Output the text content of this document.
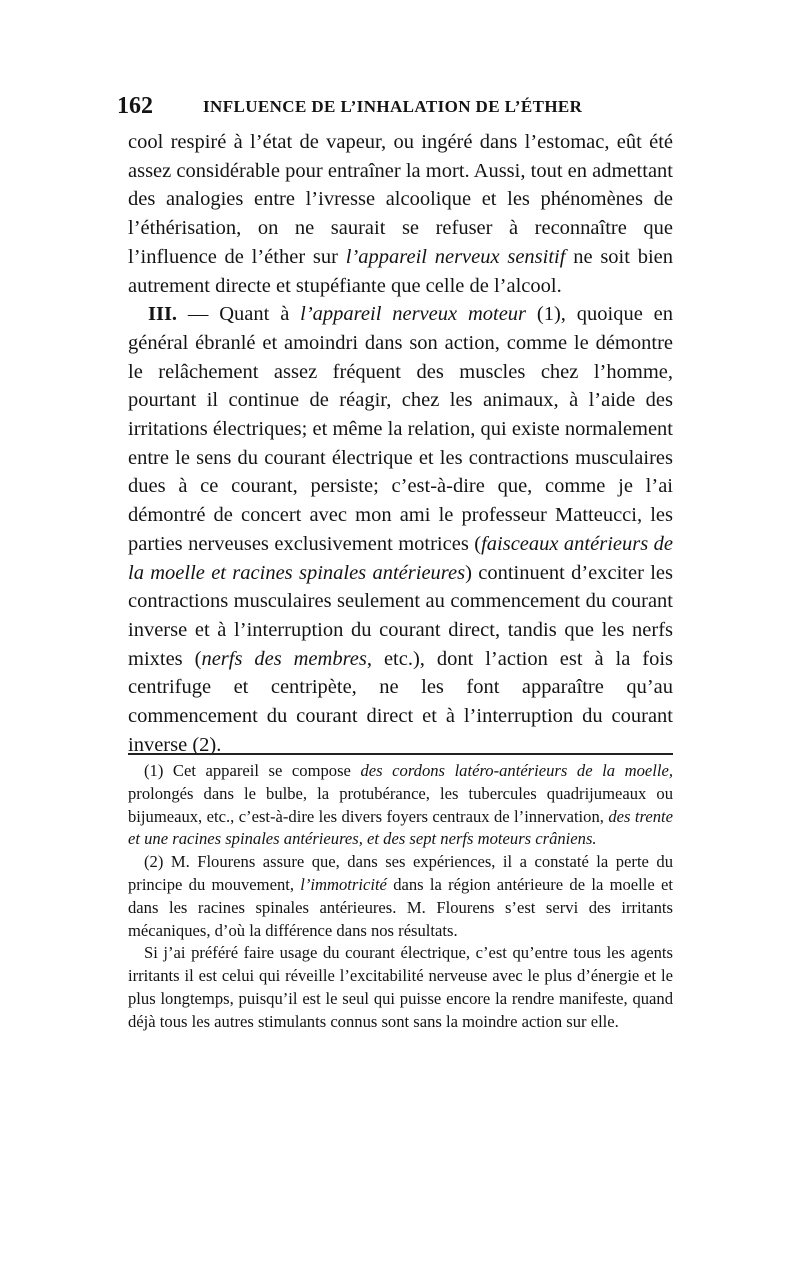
162	INFLUENCE DE L’INHALATION DE L’ÉTHER

cool respiré à l’état de vapeur, ou ingéré dans l’estomac, eût été assez considérable pour entraîner la mort. Aussi, tout en admettant des analogies entre l’ivresse alcoolique et les phénomènes de l’éthérisation, on ne saurait se refuser à reconnaître que l’influence de l’éther sur l’appareil nerveux sensitif ne soit bien autrement directe et stupéfiante que celle de l’alcool.

III. — Quant à l’appareil nerveux moteur (1), quoique en général ébranlé et amoindri dans son action, comme le démontre le relâchement assez fréquent des muscles chez l’homme, pourtant il continue de réagir, chez les animaux, à l’aide des irritations électriques; et même la relation, qui existe normalement entre le sens du courant électrique et les contractions musculaires dues à ce courant, persiste; c’est-à-dire que, comme je l’ai démontré de concert avec mon ami le professeur Matteucci, les parties nerveuses exclusivement motrices (faisceaux antérieurs de la moelle et racines spinales antérieures) continuent d’exciter les contractions musculaires seulement au commencement du courant inverse et à l’interruption du courant direct, tandis que les nerfs mixtes (nerfs des membres, etc.), dont l’action est à la fois centrifuge et centripète, ne les font apparaître qu’au commencement du courant direct et à l’interruption du courant inverse (2).

(1) Cet appareil se compose des cordons latéro-antérieurs de la moelle, prolongés dans le bulbe, la protubérance, les tubercules quadrijumeaux ou bijumeaux, etc., c’est-à-dire les divers foyers centraux de l’innervation, des trente et une racines spinales antérieures, et des sept nerfs moteurs crâniens.

(2) M. Flourens assure que, dans ses expériences, il a constaté la perte du principe du mouvement, l’immotricité dans la région antérieure de la moelle et dans les racines spinales antérieures. M. Flourens s’est servi des irritants mécaniques, d’où la différence dans nos résultats.

Si j’ai préféré faire usage du courant électrique, c’est qu’entre tous les agents irritants il est celui qui réveille l’excitabilité nerveuse avec le plus d’énergie et le plus longtemps, puisqu’il est le seul qui puisse encore la rendre manifeste, quand déjà tous les autres stimulants connus sont sans la moindre action sur elle.
